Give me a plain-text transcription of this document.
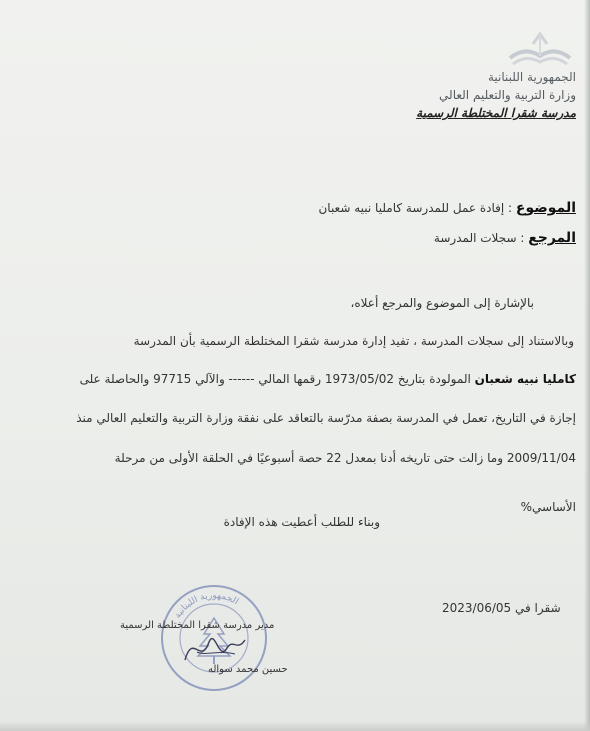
الجمهورية اللبنانية
وزارة التربية والتعليم العالي
مدرسة شقرا المختلطة الرسمية
الموضوع : إفادة عمل للمدرسة كامليا نبيه شعبان
المرجع : سجلات المدرسة
بالإشارة إلى الموضوع والمرجع أعلاه،
وبالاستناد إلى سجلات المدرسة ، تفيد إدارة مدرسة شقرا المختلطة الرسمية بأن المدرسة
كامليا نبيه شعبان المولودة بتاريخ 1973/05/02 رقمها المالي ------ والآلي 97715 والحاصلة على
إجازة في التاريخ، تعمل في المدرسة بصفة مدرّسة بالتعاقد على نفقة وزارة التربية والتعليم العالي منذ
2009/11/04 وما زالت حتى تاريخه أدنا بمعدل 22 حصة أسبوعيًا في الحلقة الأولى من مرحلة
الأساسي%
وبناء للطلب أعطيت هذه الإفادة
شقرا في 2023/06/05
الجمهورية اللبنانية
مدير مدرسة شقرا المختلطة الرسمية
حسين محمد سواله
